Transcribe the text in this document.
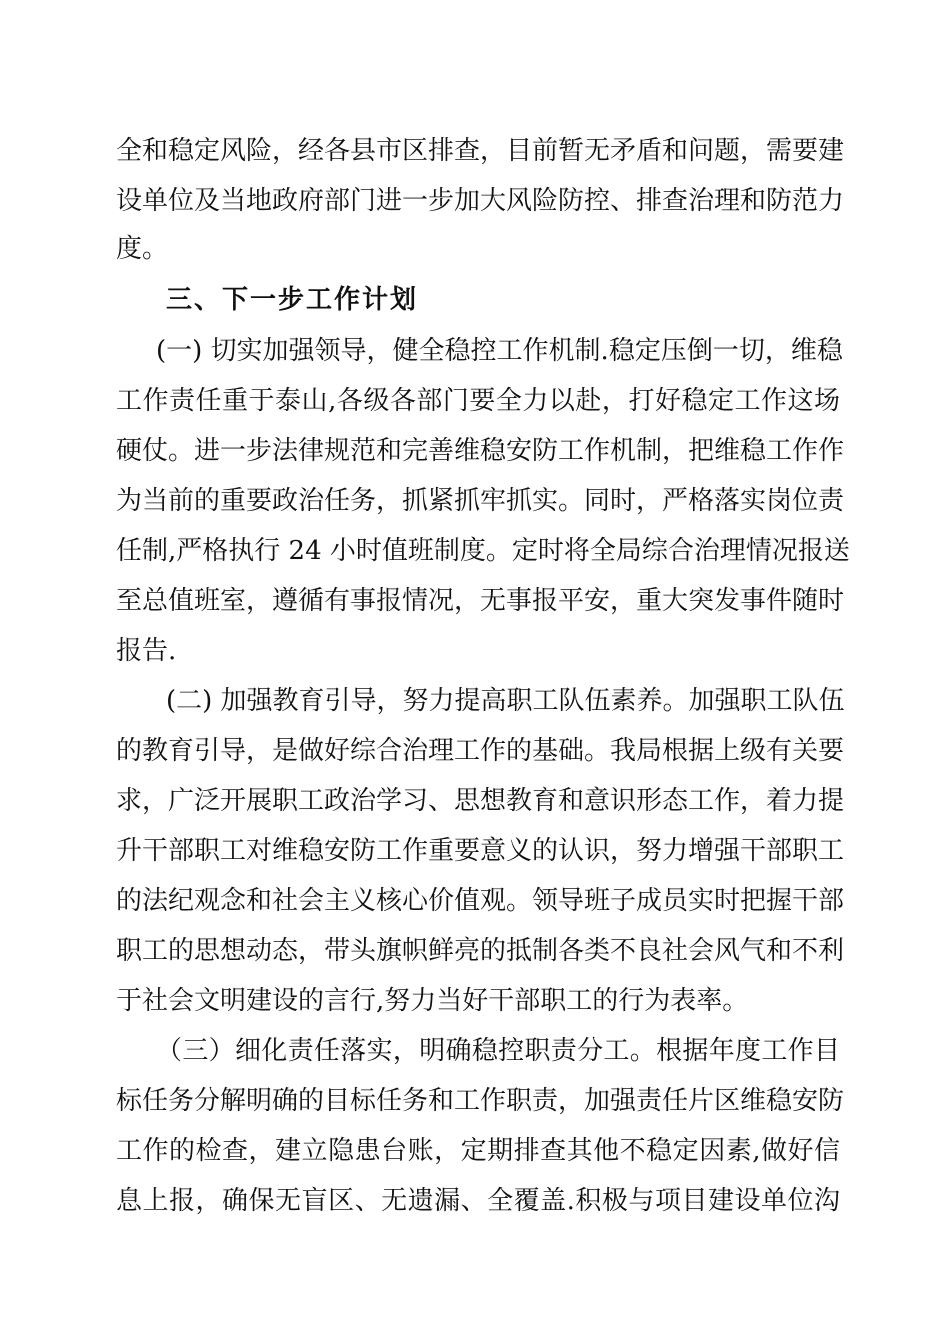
全和稳定风险，经各县市区排查，目前暂无矛盾和问题，需要建
设单位及当地政府部门进一步加大风险防控、排查治理和防范力
度。
三、下一步工作计划
(一) 切实加强领导，健全稳控工作机制.稳定压倒一切，维稳
工作责任重于泰山,各级各部门要全力以赴，打好稳定工作这场
硬仗。进一步法律规范和完善维稳安防工作机制，把维稳工作作
为当前的重要政治任务，抓紧抓牢抓实。同时，严格落实岗位责
任制,严格执行 24 小时值班制度。定时将全局综合治理情况报送
至总值班室，遵循有事报情况，无事报平安，重大突发事件随时
报告.
(二) 加强教育引导，努力提高职工队伍素养。加强职工队伍
的教育引导，是做好综合治理工作的基础。我局根据上级有关要
求，广泛开展职工政治学习、思想教育和意识形态工作，着力提
升干部职工对维稳安防工作重要意义的认识，努力增强干部职工
的法纪观念和社会主义核心价值观。领导班子成员实时把握干部
职工的思想动态，带头旗帜鲜亮的抵制各类不良社会风气和不利
于社会文明建设的言行,努力当好干部职工的行为表率。
（三）细化责任落实，明确稳控职责分工。根据年度工作目
标任务分解明确的目标任务和工作职责，加强责任片区维稳安防
工作的检查，建立隐患台账，定期排查其他不稳定因素,做好信
息上报，确保无盲区、无遗漏、全覆盖.积极与项目建设单位沟
